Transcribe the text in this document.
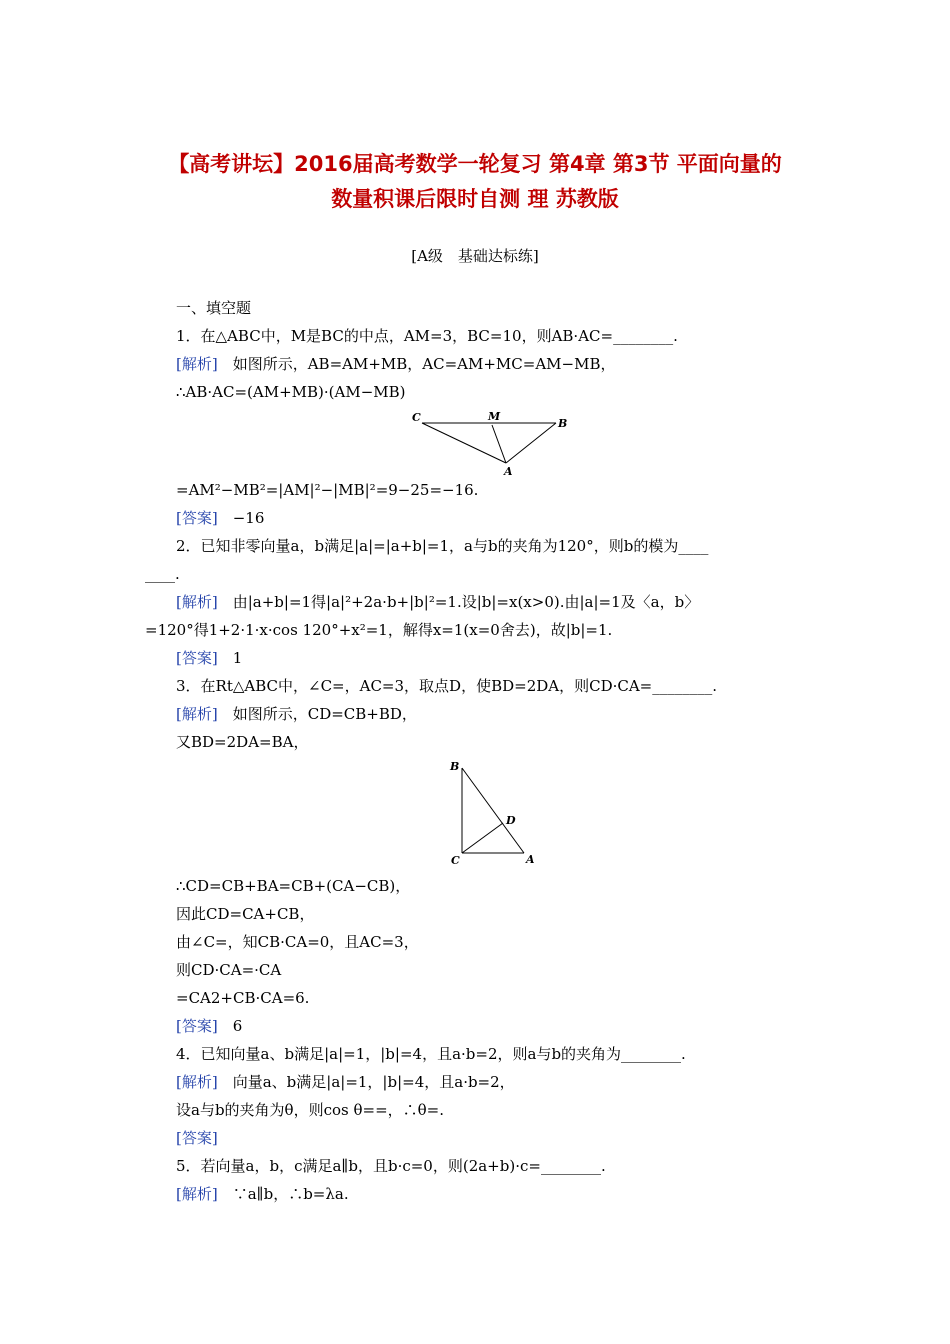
【高考讲坛】2016届高考数学一轮复习 第4章 第3节 平面向量的
数量积课后限时自测 理 苏教版
[A级　基础达标练]
一、填空题
1．在△ABC中，M是BC的中点，AM=3，BC=10，则AB·AC=________.
[解析]　如图所示，AB=AM+MB，AC=AM+MC=AM−MB，
∴AB·AC=(AM+MB)·(AM−MB)
C	M
B
A
=AM²−MB²=|AM|²−|MB|²=9−25=−16.
[答案]　−16
2．已知非零向量a，b满足|a|=|a+b|=1，a与b的夹角为120°，则b的模为____
____.
[解析]　由|a+b|=1得|a|²+2a·b+|b|²=1.设|b|=x(x>0).由|a|=1及〈a，b〉
=120°得1+2·1·x·cos 120°+x²=1，解得x=1(x=0舍去)，故|b|=1.
[答案]　1
3．在Rt△ABC中，∠C=，AC=3，取点D，使BD=2DA，则CD·CA=________.
[解析]　如图所示，CD=CB+BD，
又BD=2DA=BA，
B
D
C	A
∴CD=CB+BA=CB+(CA−CB)，
因此CD=CA+CB，
由∠C=，知CB·CA=0，且AC=3，
则CD·CA=·CA
=CA2+CB·CA=6.
[答案]　6
4．已知向量a、b满足|a|=1，|b|=4，且a·b=2，则a与b的夹角为________.
[解析]　向量a、b满足|a|=1，|b|=4，且a·b=2，
设a与b的夹角为θ，则cos θ==，∴θ=.
[答案]
5．若向量a，b，c满足a∥b，且b·c=0，则(2a+b)·c=________.
[解析]　∵a∥b，∴b=λa.
